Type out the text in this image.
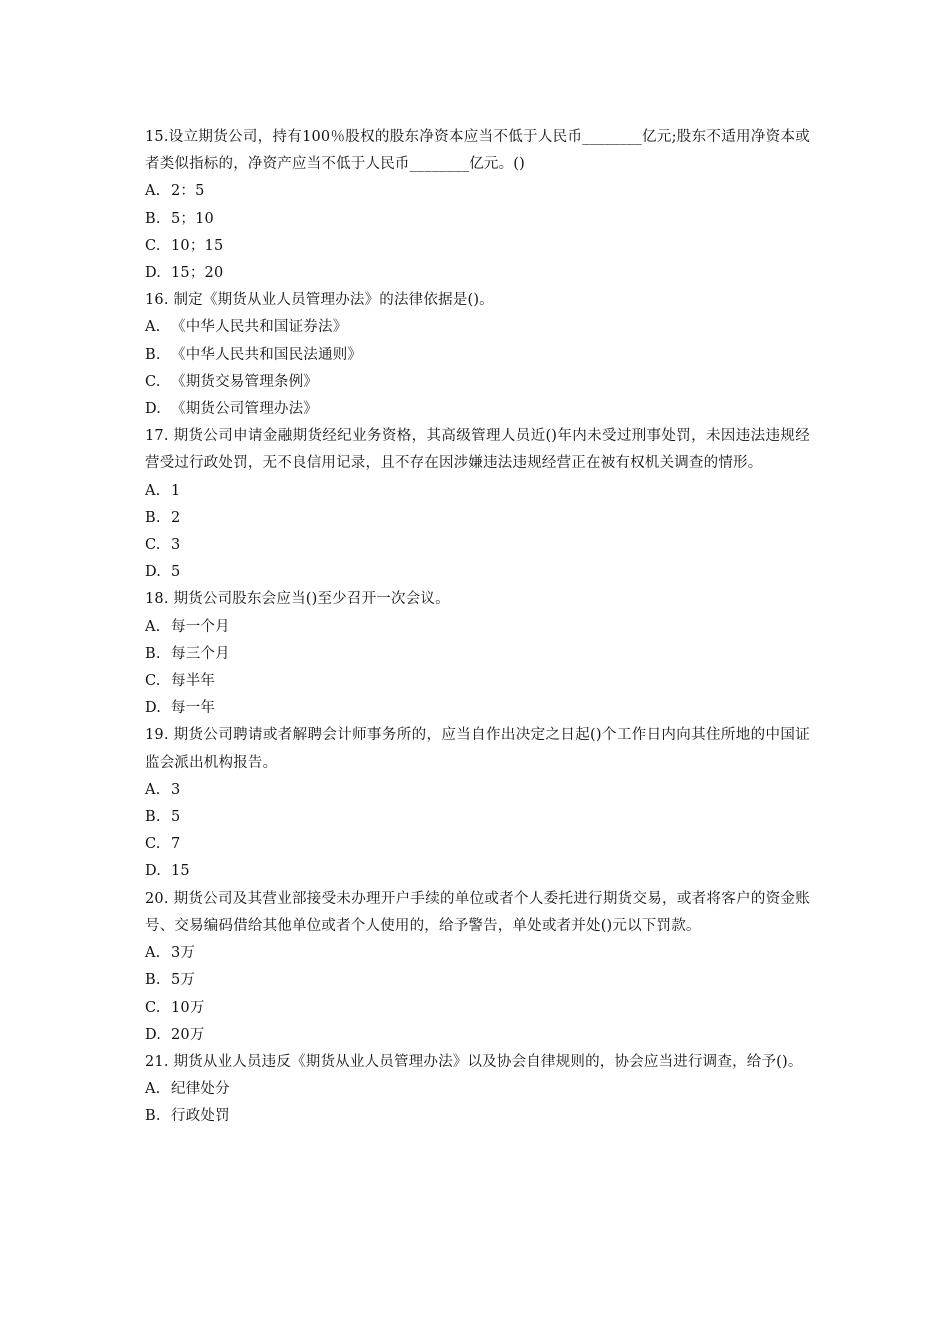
15.设立期货公司，持有100％股权的股东净资本应当不低于人民币________亿元;股东不适用净资本或者类似指标的，净资产应当不低于人民币________亿元。()

A. 2：5
B. 5；10
C. 10；15
D. 15；20

16. 制定《期货从业人员管理办法》的法律依据是()。

A. 《中华人民共和国证券法》
B. 《中华人民共和国民法通则》
C. 《期货交易管理条例》
D. 《期货公司管理办法》

17. 期货公司申请金融期货经纪业务资格，其高级管理人员近()年内未受过刑事处罚，未因违法违规经营受过行政处罚，无不良信用记录，且不存在因涉嫌违法违规经营正在被有权机关调查的情形。

A. 1
B. 2
C. 3
D. 5

18. 期货公司股东会应当()至少召开一次会议。

A. 每一个月
B. 每三个月
C. 每半年
D. 每一年

19. 期货公司聘请或者解聘会计师事务所的，应当自作出决定之日起()个工作日内向其住所地的中国证监会派出机构报告。

A. 3
B. 5
C. 7
D. 15

20. 期货公司及其营业部接受未办理开户手续的单位或者个人委托进行期货交易，或者将客户的资金账号、交易编码借给其他单位或者个人使用的，给予警告，单处或者并处()元以下罚款。

A. 3万
B. 5万
C. 10万
D. 20万

21. 期货从业人员违反《期货从业人员管理办法》以及协会自律规则的，协会应当进行调查，给予()。

A. 纪律处分
B. 行政处罚
